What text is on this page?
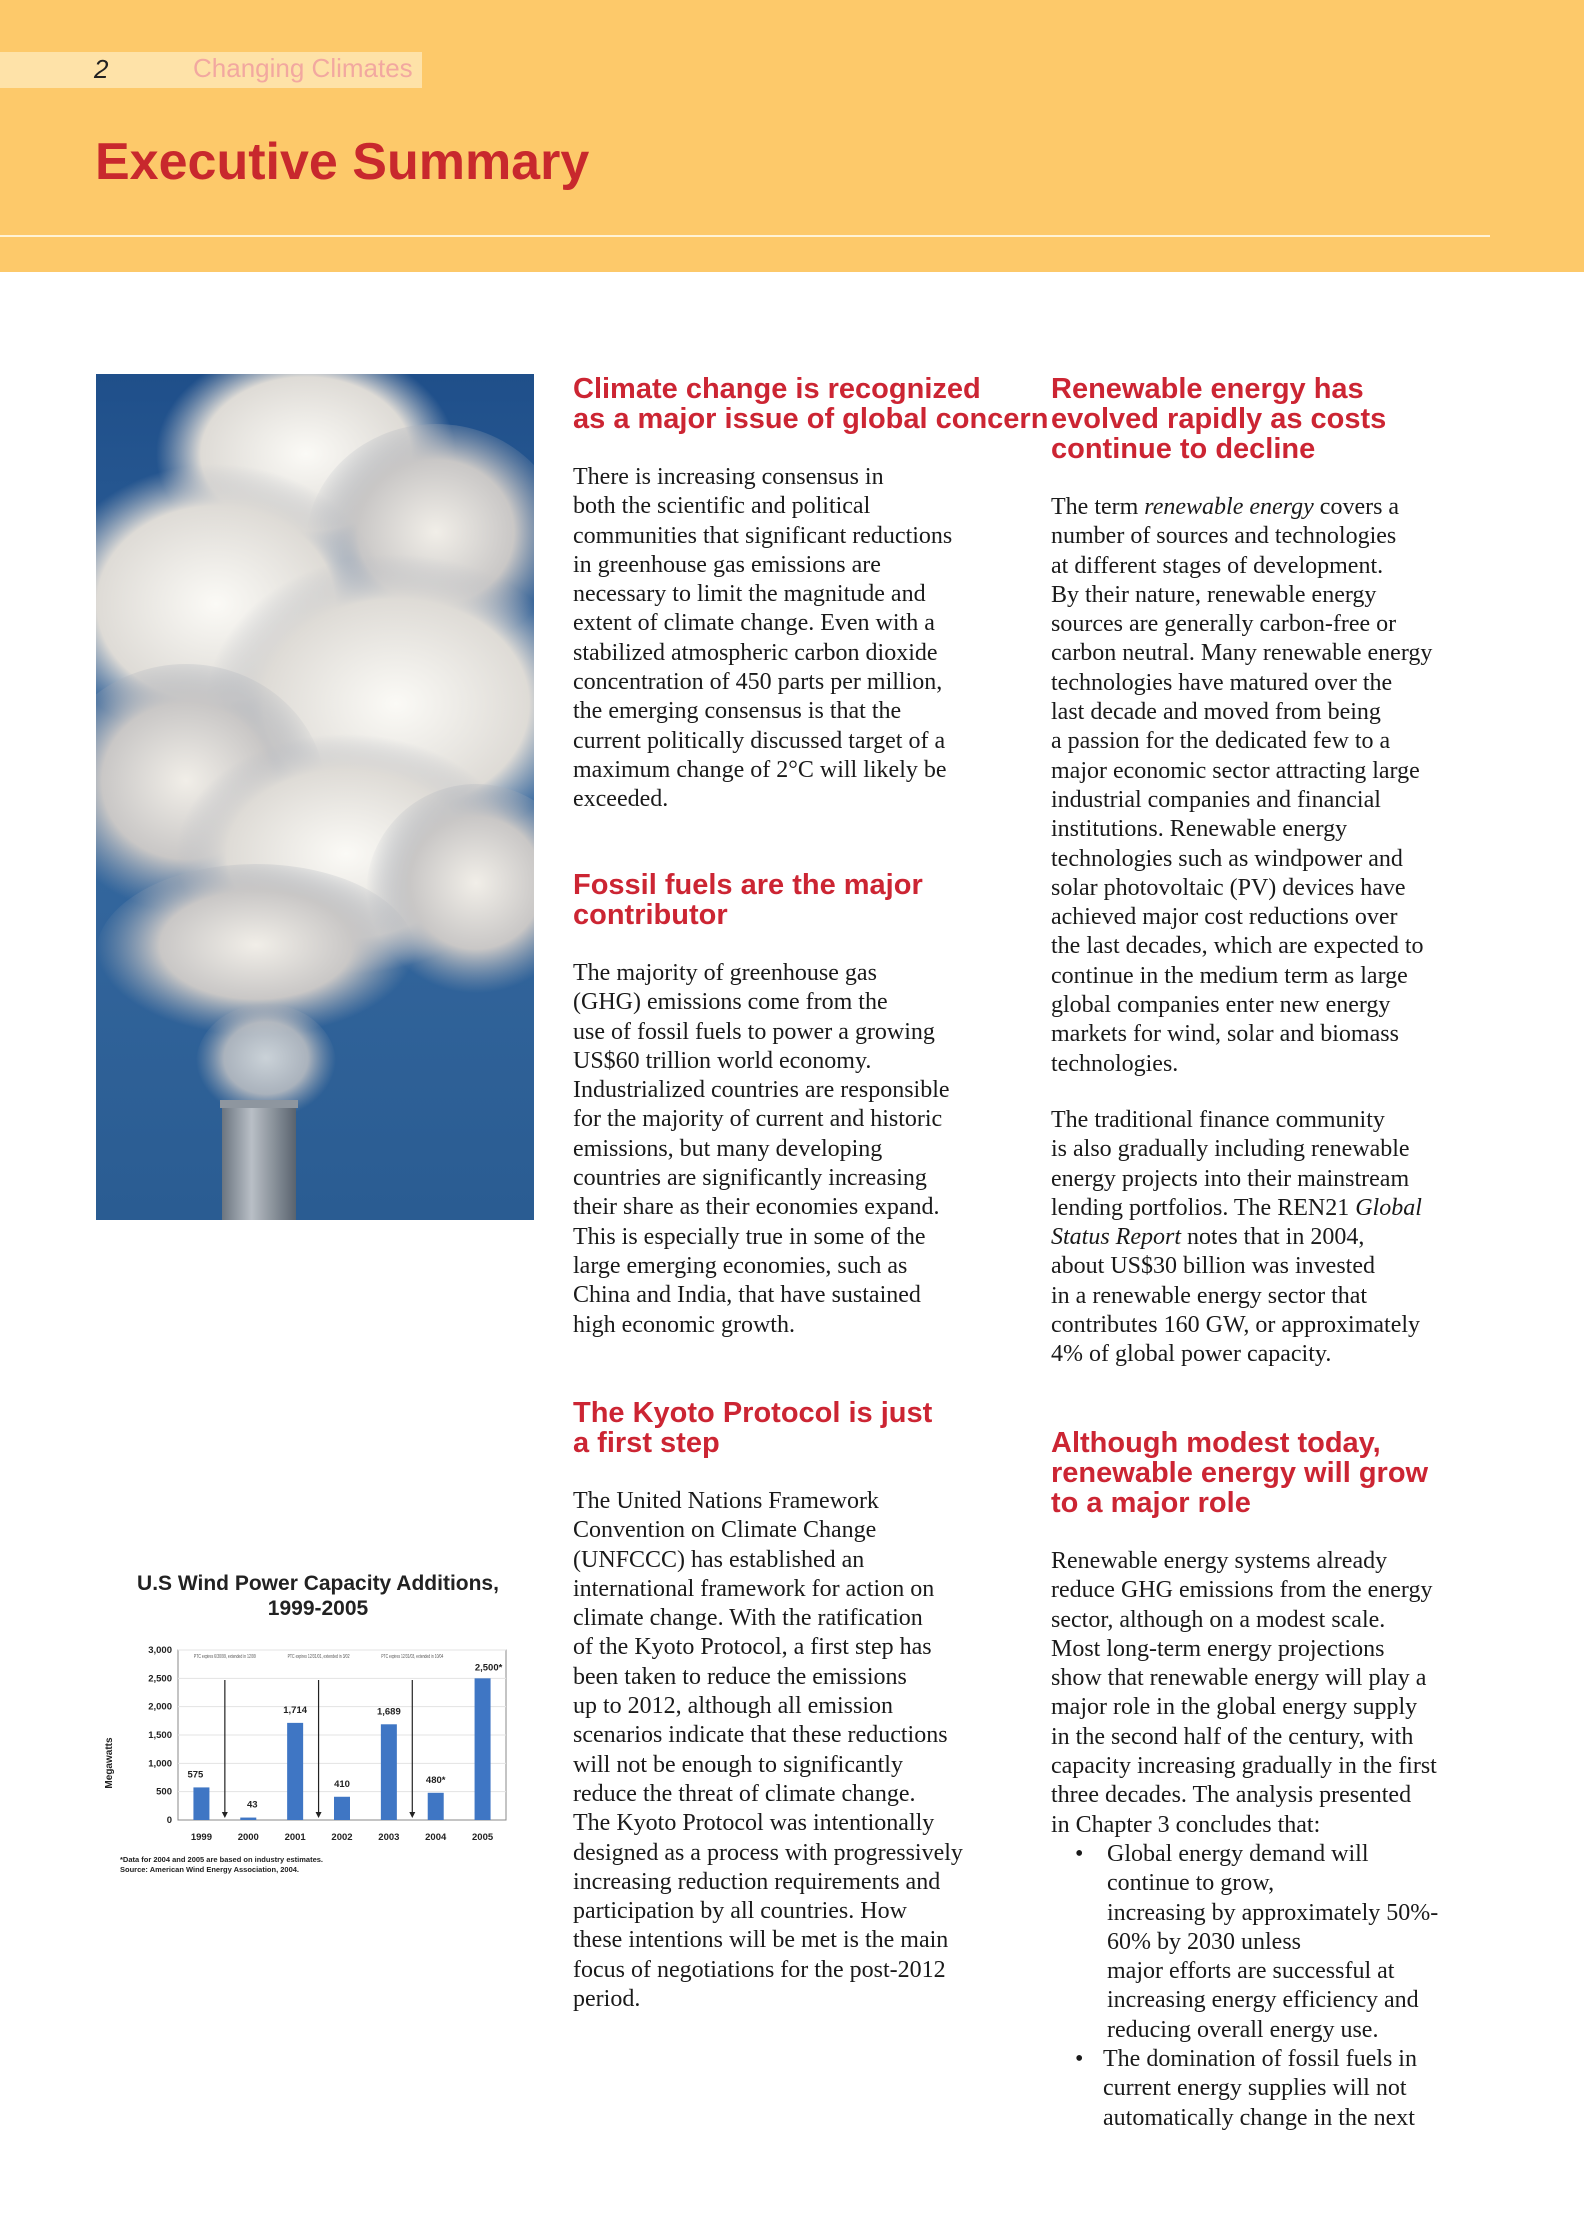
2	Changing Climates
Executive Summary
Climate change is recognized
as a major issue of global concern

There is increasing consensus in
both the scientific and political
communities that significant reductions
in greenhouse gas emissions are
necessary to limit the magnitude and
extent of climate change. Even with a
stabilized atmospheric carbon dioxide
concentration of 450 parts per million,
the emerging consensus is that the
current politically discussed target of a
maximum change of 2°C will likely be
exceeded.

Fossil fuels are the major
contributor

The majority of greenhouse gas
(GHG) emissions come from the
use of fossil fuels to power a growing
US$60 trillion world economy.
Industrialized countries are responsible
for the majority of current and historic
emissions, but many developing
countries are significantly increasing
their share as their economies expand.
This is especially true in some of the
large emerging economies, such as
China and India, that have sustained
high economic growth.

The Kyoto Protocol is just
a first step

The United Nations Framework
Convention on Climate Change
(UNFCCC) has established an
international framework for action on
climate change. With the ratification
of the Kyoto Protocol, a first step has
been taken to reduce the emissions
up to 2012, although all emission
scenarios indicate that these reductions
will not be enough to significantly
reduce the threat of climate change.
The Kyoto Protocol was intentionally
designed as a process with progressively
increasing reduction requirements and
participation by all countries. How
these intentions will be met is the main
focus of negotiations for the post-2012
period.

Renewable energy has
evolved rapidly as costs
continue to decline

The term renewable energy covers a
number of sources and technologies
at different stages of development.
By their nature, renewable energy
sources are generally carbon-free or
carbon neutral. Many renewable energy
technologies have matured over the
last decade and moved from being
a passion for the dedicated few to a
major economic sector attracting large
industrial companies and financial
institutions. Renewable energy
technologies such as windpower and
solar photovoltaic (PV) devices have
achieved major cost reductions over
the last decades, which are expected to
continue in the medium term as large
global companies enter new energy
markets for wind, solar and biomass
technologies.

The traditional finance community
is also gradually including renewable
energy projects into their mainstream
lending portfolios. The REN21 Global
Status Report notes that in 2004,
about US$30 billion was invested
in a renewable energy sector that
contributes 160 GW, or approximately
4% of global power capacity.

Although modest today,
renewable energy will grow
to a major role

Renewable energy systems already
reduce GHG emissions from the energy
sector, although on a modest scale.
Most long-term energy projections
show that renewable energy will play a
major role in the global energy supply
in the second half of the century, with
capacity increasing gradually in the first
three decades. The analysis presented
in Chapter 3 concludes that:

• Global energy demand will
continue to grow,
increasing by approximately 50%-
60% by 2030 unless
major efforts are successful at
increasing energy efficiency and
reducing overall energy use.
• The domination of fossil fuels in
current energy supplies will not
automatically change in the next
U.S Wind Power Capacity Additions,
1999-2005
Megawatts
0
500
1,000
1,500
2,000
2,500
3,000
575
1999
43
2000
1,714
2001
410
2002
1,689
2003
480*
2004
2,500*
2005
PTC expires 6/30/99, extended in 12/99	PTC expires 12/31/01, extended in 3/02	PTC expires 12/31/03, extended in 10/04
*Data for 2004 and 2005 are based on industry estimates.
Source: American Wind Energy Association, 2004.
